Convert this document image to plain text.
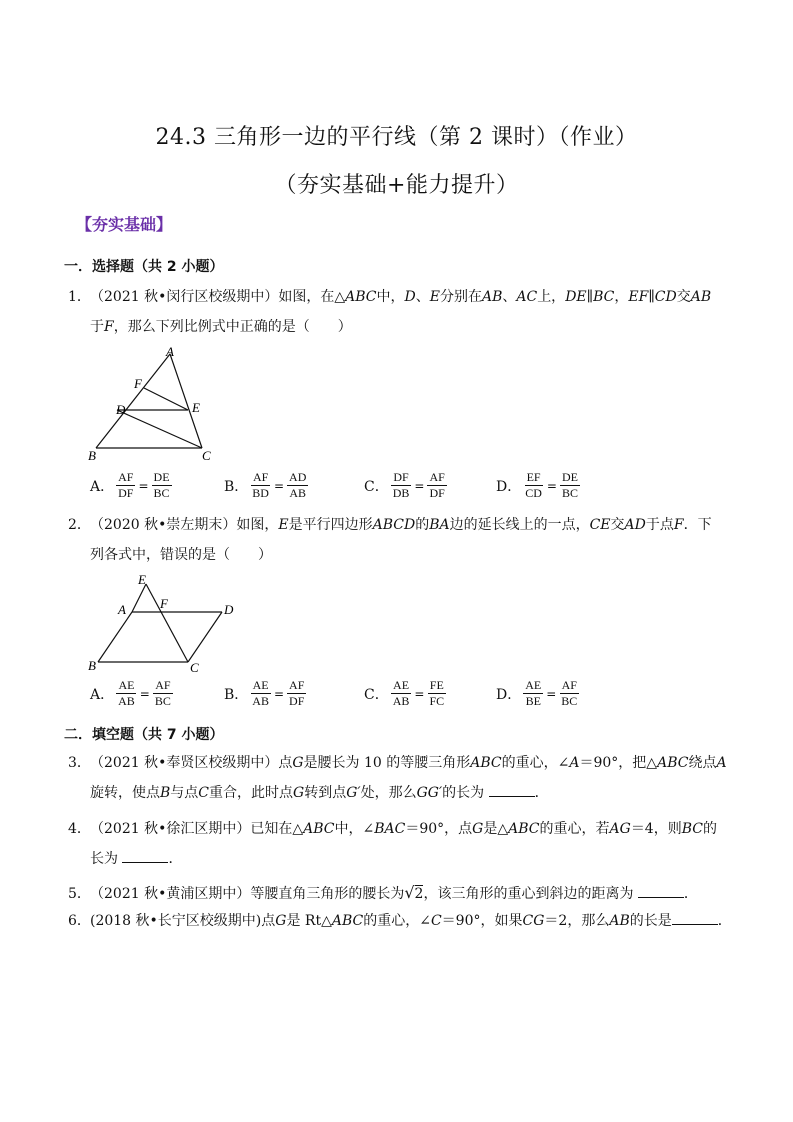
24.3 三角形一边的平行线（第 2 课时）（作业）
（夯实基础+能力提升）
【夯实基础】
一．选择题（共 2 小题）
1．（2021 秋•闵行区校级期中）如图，在△ABC中，D、E分别在AB、AC上，DE∥BC，EF∥CD交AB
于F，那么下列比例式中正确的是（　　）
A
F
D	E
B	C
A． $\frac{AF}{DF} = \frac{DE}{BC}$	B． $\frac{AF}{BD} = \frac{AD}{AB}$	C． $\frac{DF}{DB} = \frac{AF}{DF}$	D． $\frac{EF}{CD} = \frac{DE}{BC}$
2．（2020 秋•崇左期末）如图，E是平行四边形ABCD的BA边的延长线上的一点，CE交AD于点F．下
列各式中，错误的是（　　）
E
A	F	D
B	C
A． $\frac{AE}{AB} = \frac{AF}{BC}$	B． $\frac{AE}{AB} = \frac{AF}{DF}$	C． $\frac{AE}{AB} = \frac{FE}{FC}$	D． $\frac{AE}{BE} = \frac{AF}{BC}$
二．填空题（共 7 小题）
3．（2021 秋•奉贤区校级期中）点G是腰长为 10 的等腰三角形ABC的重心，∠A＝90°，把△ABC绕点A
旋转，使点B与点C重合，此时点G转到点G′处，那么GG′的长为	．
4．（2021 秋•徐汇区期中）已知在△ABC中，∠BAC＝90°，点G是△ABC的重心，若AG＝4，则BC的
长为	．
5．（2021 秋•黄浦区期中）等腰直角三角形的腰长为√2，该三角形的重心到斜边的距离为	．
6．(2018 秋•长宁区校级期中)点G是 Rt△ABC的重心，∠C＝90°，如果CG＝2，那么AB的长是	．
